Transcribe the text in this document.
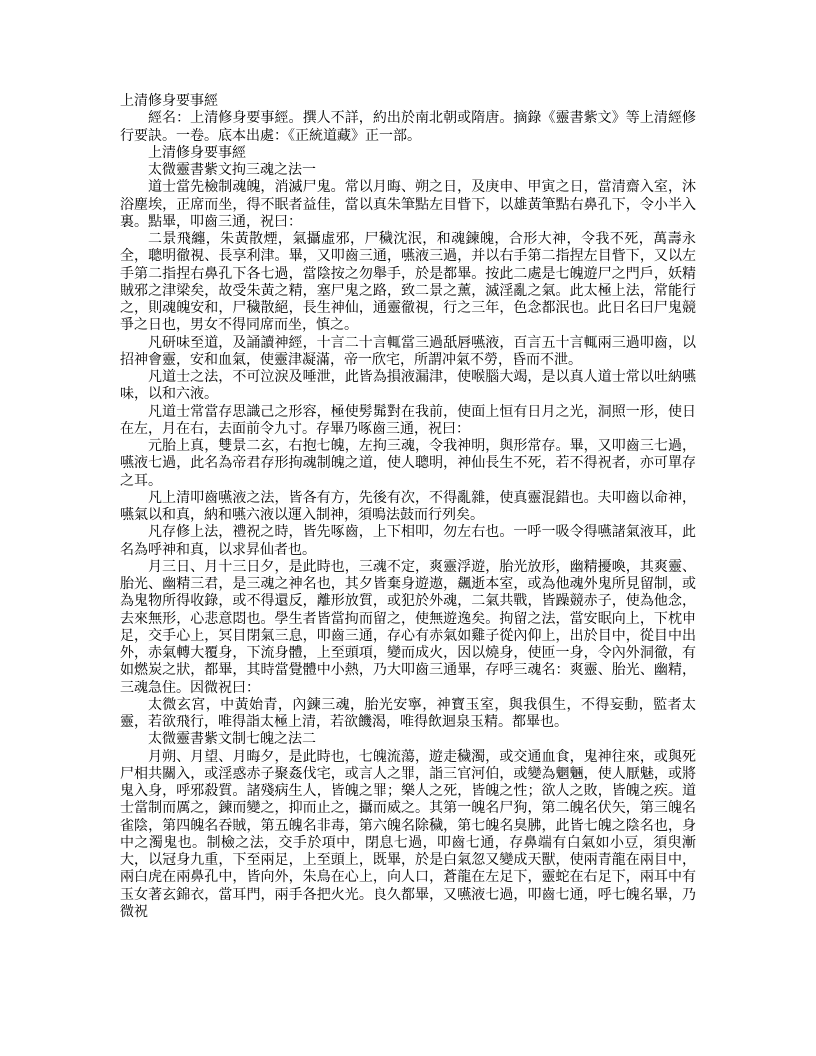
上清修身要事經

經名：上清修身要事經。撰人不詳，約出於南北朝或隋唐。摘錄《靈書紫文》等上清經修行要訣。一卷。底本出處：《正統道藏》正一部。

上清修身要事經

太微靈書紫文拘三魂之法一

道士當先檢制魂魄，消滅尸鬼。常以月晦、朔之日，及庚申、甲寅之日，當清齋入室，沐浴塵埃，正席而坐，得不眠者益佳，當以真朱筆點左目眥下，以雄黃筆點右鼻孔下，令小半入裏。點畢，叩齒三通，祝曰：

二景飛纏，朱黃散煙，氣攝虛邪，尸穢沈泯，和魂鍊魄，合形大神，令我不死，萬壽永全，聰明徹視、長享利津。畢，又叩齒三通，嚥液三過，并以右手第二指捏左目眥下，又以左手第二指捏右鼻孔下各七過，當陰按之勿舉手，於是都畢。按此二處是七魄遊尸之門戶，妖精賊邪之津梁矣，故受朱黃之精，塞尸鬼之路，致二景之薰，滅淫亂之氣。此太極上法，常能行之，則魂魄安和，尸穢散絕，長生神仙，通靈徹視，行之三年，色念都泯也。此日名曰尸鬼競爭之日也，男女不得同席而坐，慎之。

凡研味至道，及誦讀神經，十言二十言輒當三過舐唇嚥液，百言五十言輒兩三過叩齒，以招神會靈，安和血氣，使靈津凝滿，帝一欣宅，所謂冲氣不勞，昏而不泄。

凡道士之法，不可泣淚及唾泄，此皆為損液漏津，使喉腦大竭，是以真人道士常以吐納嚥味，以和六液。

凡道士常當存思識己之形容，極使髣髴對在我前，使面上恒有日月之光，洞照一形，使日在左，月在右，去面前令九寸。存畢乃啄齒三通，祝曰：

元胎上真，雙景二玄，右抱七魄，左拘三魂，令我神明，與形常存。畢，又叩齒三七過，嚥液七過，此名為帝君存形拘魂制魄之道，使人聰明，神仙長生不死，若不得祝者，亦可單存之耳。

凡上清叩齒嚥液之法，皆各有方，先後有次，不得亂雜，使真靈混錯也。夫叩齒以命神，嚥氣以和真，納和嚥六液以運入制神，須鳴法鼓而行列矣。

凡存修上法，禮祝之時，皆先啄齒，上下相叩，勿左右也。一呼一吸令得嚥諸氣液耳，此名為呼神和真，以求昇仙者也。

月三日、月十三日夕，是此時也，三魂不定，爽靈浮遊，胎光放形，幽精擾喚，其爽靈、胎光、幽精三君，是三魂之神名也，其夕皆棄身遊遨，飆逝本室，或為他魂外鬼所見留制，或為鬼物所得收錄，或不得還反，離形放質，或犯於外魂，二氣共戰，皆躁競赤子，使為他念，去來無形，心悲意悶也。學生者皆當拘而留之，使無遊逸矣。拘留之法，當安眠向上，下枕申足，交手心上，冥目閉氣三息，叩齒三通，存心有赤氣如雞子從內仰上，出於目中，從目中出外，赤氣轉大覆身，下流身體，上至頭項，變而成火，因以燒身，使匝一身，令內外洞徹，有如燃炭之狀，都畢，其時當覺體中小熱，乃大叩齒三通畢，存呼三魂名：爽靈、胎光、幽精，三魂急住。因微祝曰：

太微玄宮，中黃始青，內鍊三魂，胎光安寧，神寶玉室，與我俱生，不得妄動，監者太靈，若欲飛行，唯得詣太極上清，若欲饑渴，唯得飲迴泉玉精。都畢也。

太微靈書紫文制七魄之法二

月朔、月望、月晦夕，是此時也，七魄流蕩，遊走穢濁，或交通血食，鬼神往來，或與死尸相共關入，或淫惑赤子聚姦伐宅，或言人之罪，詣三官河伯，或變為魍魎，使人厭魅，或將鬼入身，呼邪殺質。諸殘病生人，皆魄之罪；樂人之死，皆魄之性；欲人之敗，皆魄之疾。道士當制而厲之，鍊而變之，抑而止之，攝而威之。其第一魄名尸狗，第二魄名伏矢，第三魄名雀陰，第四魄名吞賊，第五魄名非毒，第六魄名除穢，第七魄名臭胇，此皆七魄之陰名也，身中之濁鬼也。制檢之法，交手於項中，閉息七過，叩齒七通，存鼻端有白氣如小豆，須臾漸大，以冠身九重，下至兩足，上至頭上，既畢，於是白氣忽又變成天獸，使兩青龍在兩目中，兩白虎在兩鼻孔中，皆向外，朱鳥在心上，向人口，蒼龍在左足下，靈蛇在右足下，兩耳中有玉女著玄錦衣，當耳門，兩手各把火光。良久都畢，又嚥液七過，叩齒七通，呼七魄名畢，乃微祝
